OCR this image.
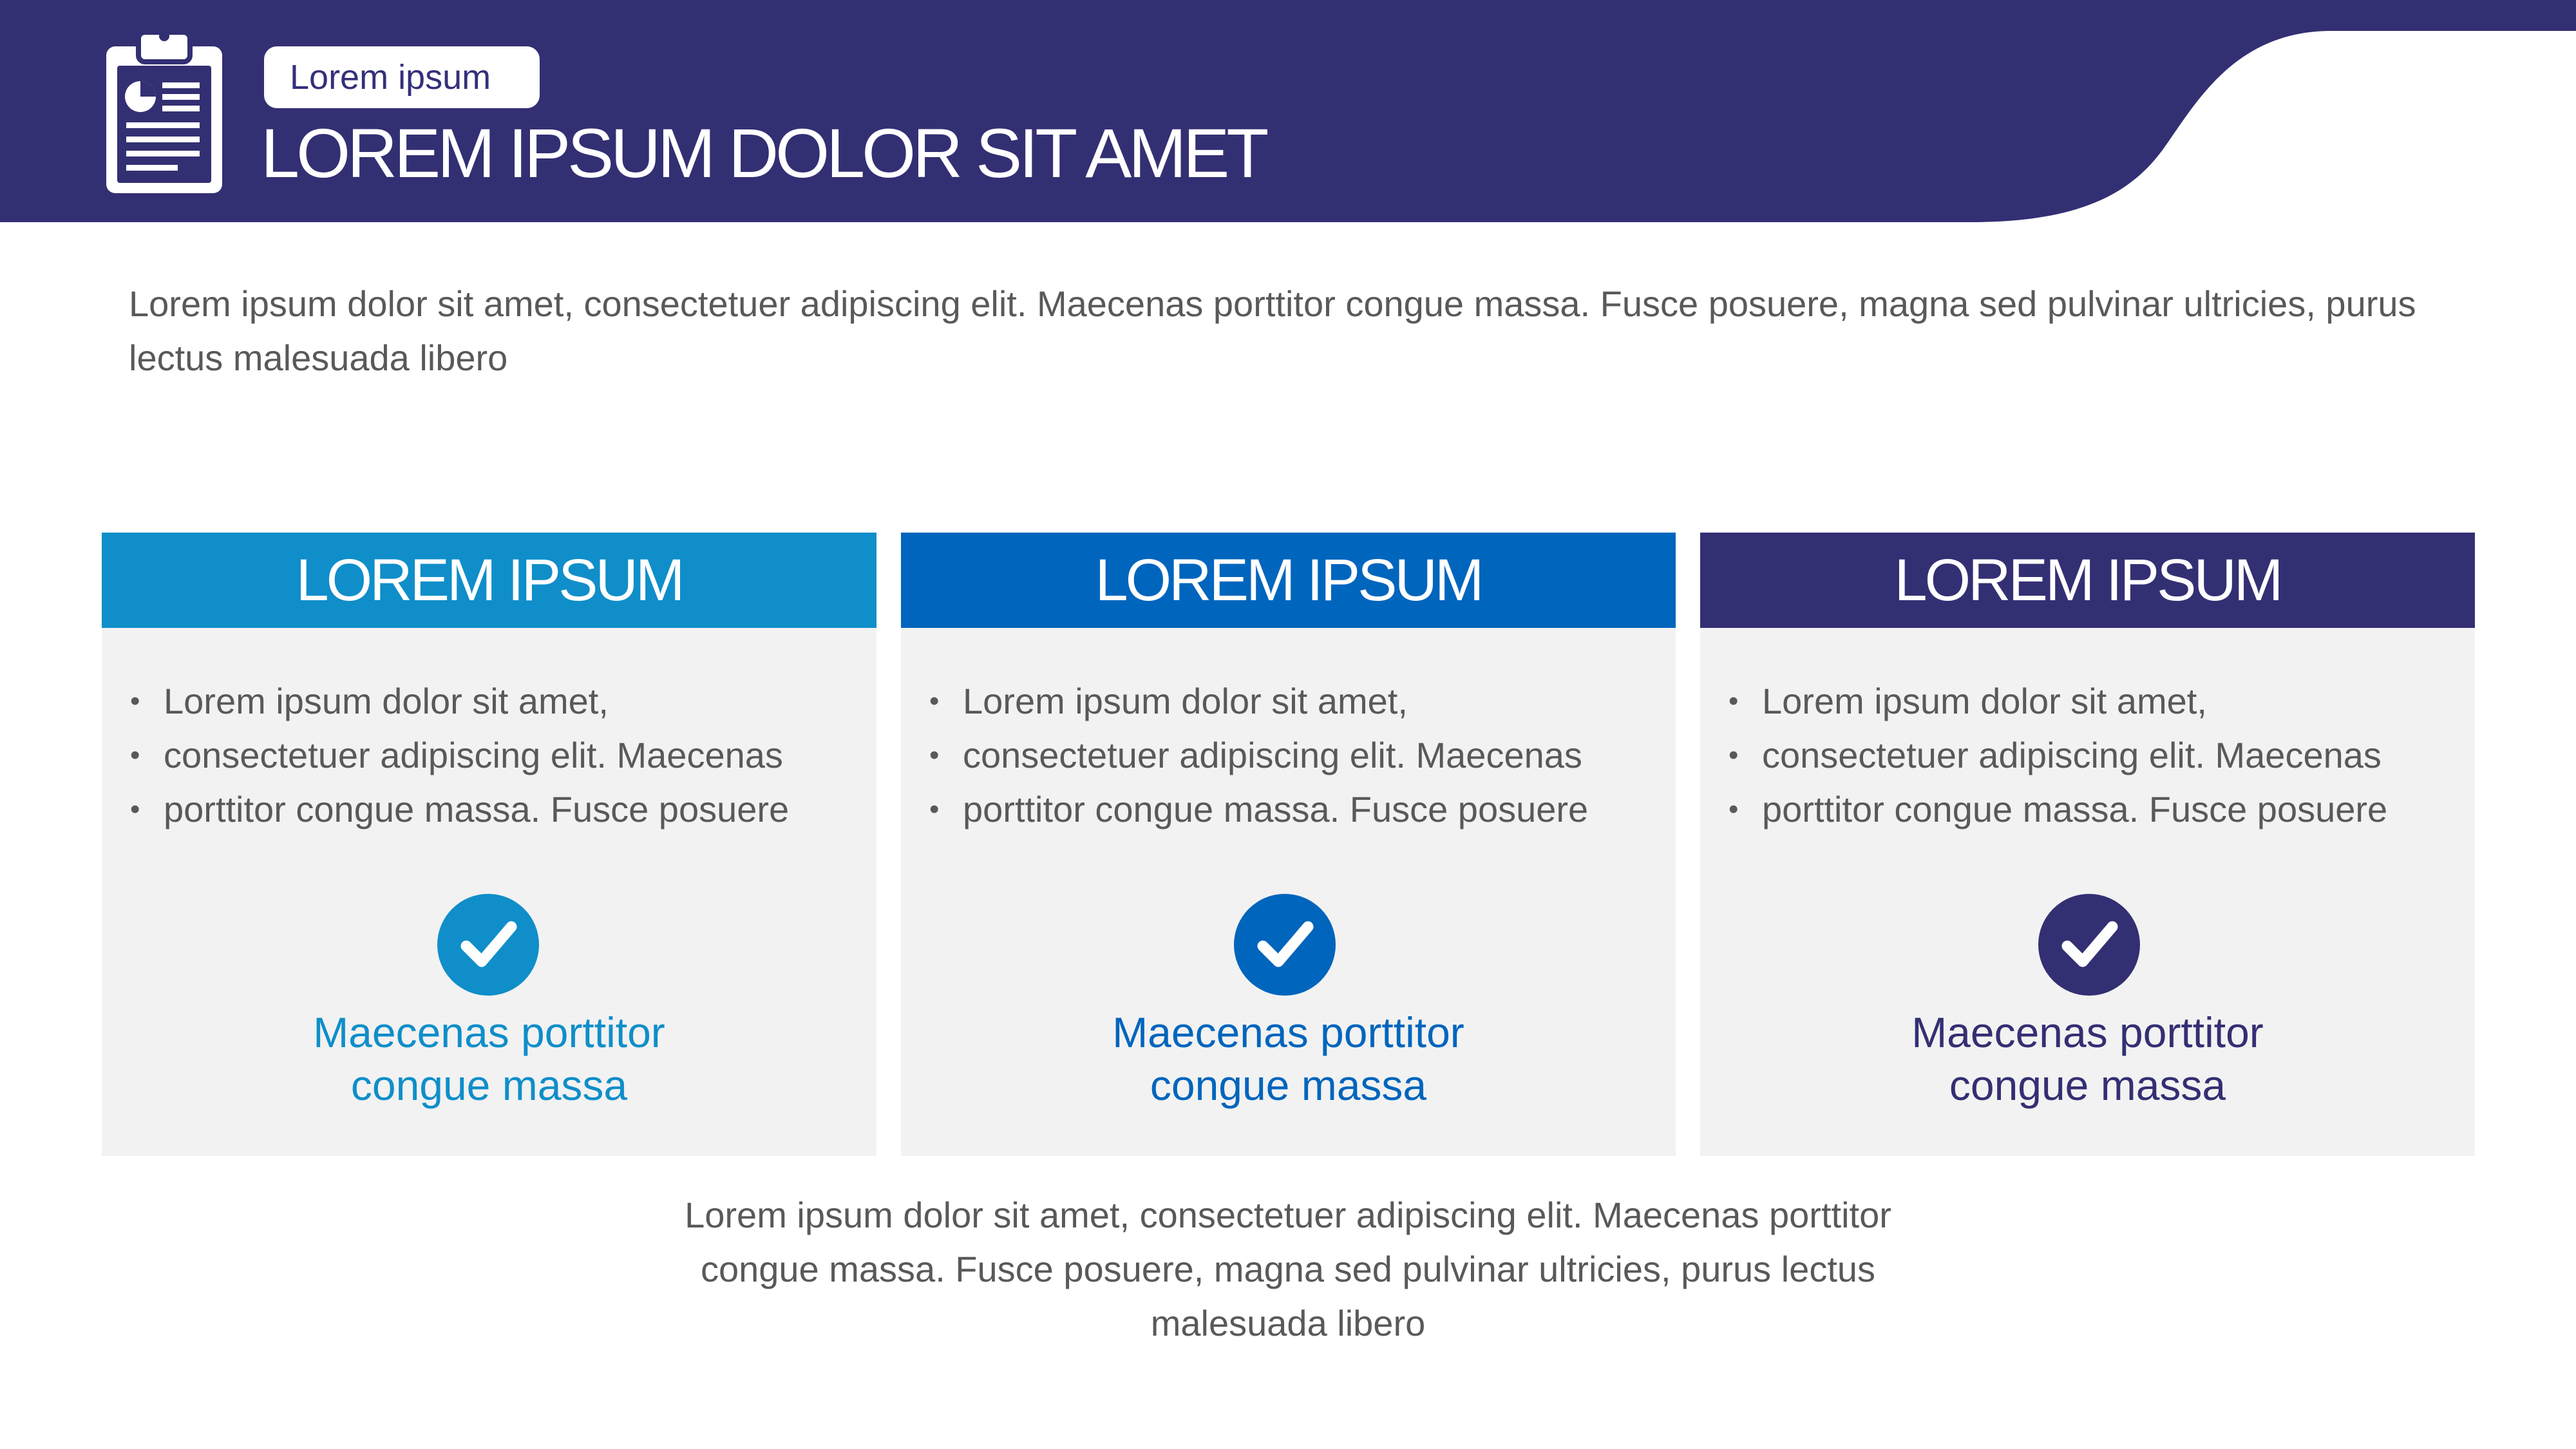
Lorem ipsum
LOREM IPSUM DOLOR SIT AMET

Lorem ipsum dolor sit amet, consectetuer adipiscing elit. Maecenas porttitor congue massa. Fusce posuere, magna sed pulvinar ultricies, purus lectus malesuada libero

LOREM IPSUM
• Lorem ipsum dolor sit amet,
• consectetuer adipiscing elit. Maecenas
• porttitor congue massa. Fusce posuere
Maecenas porttitor
congue massa
LOREM IPSUM
• Lorem ipsum dolor sit amet,
• consectetuer adipiscing elit. Maecenas
• porttitor congue massa. Fusce posuere
Maecenas porttitor
congue massa
LOREM IPSUM
• Lorem ipsum dolor sit amet,
• consectetuer adipiscing elit. Maecenas
• porttitor congue massa. Fusce posuere
Maecenas porttitor
congue massa

Lorem ipsum dolor sit amet, consectetuer adipiscing elit. Maecenas porttitor congue massa. Fusce posuere, magna sed pulvinar ultricies, purus lectus malesuada libero
